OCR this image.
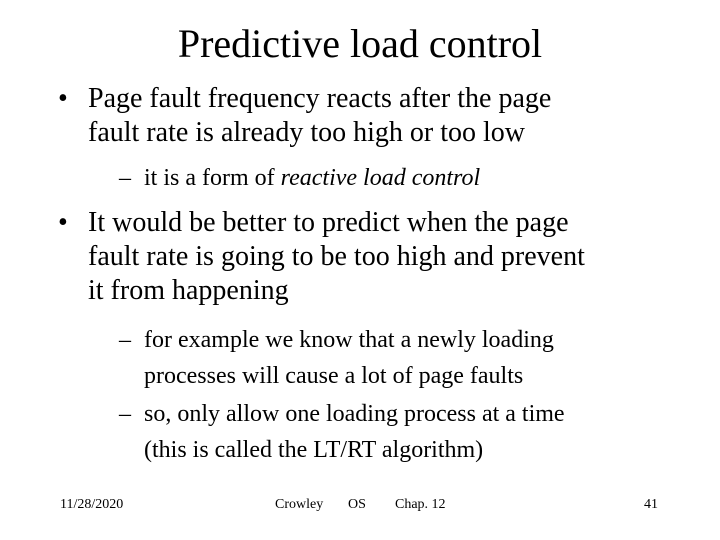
Predictive load control
• Page fault frequency reacts after the page
fault rate is already too high or too low
– it is a form of reactive load control
• It would be better to predict when the page
fault rate is going to be too high and prevent
it from happening
– for example we know that a newly loading
processes will cause a lot of page faults
– so, only allow one loading process at a time
(this is called the LT/RT algorithm)
11/28/2020	Crowley OS Chap. 12	41
